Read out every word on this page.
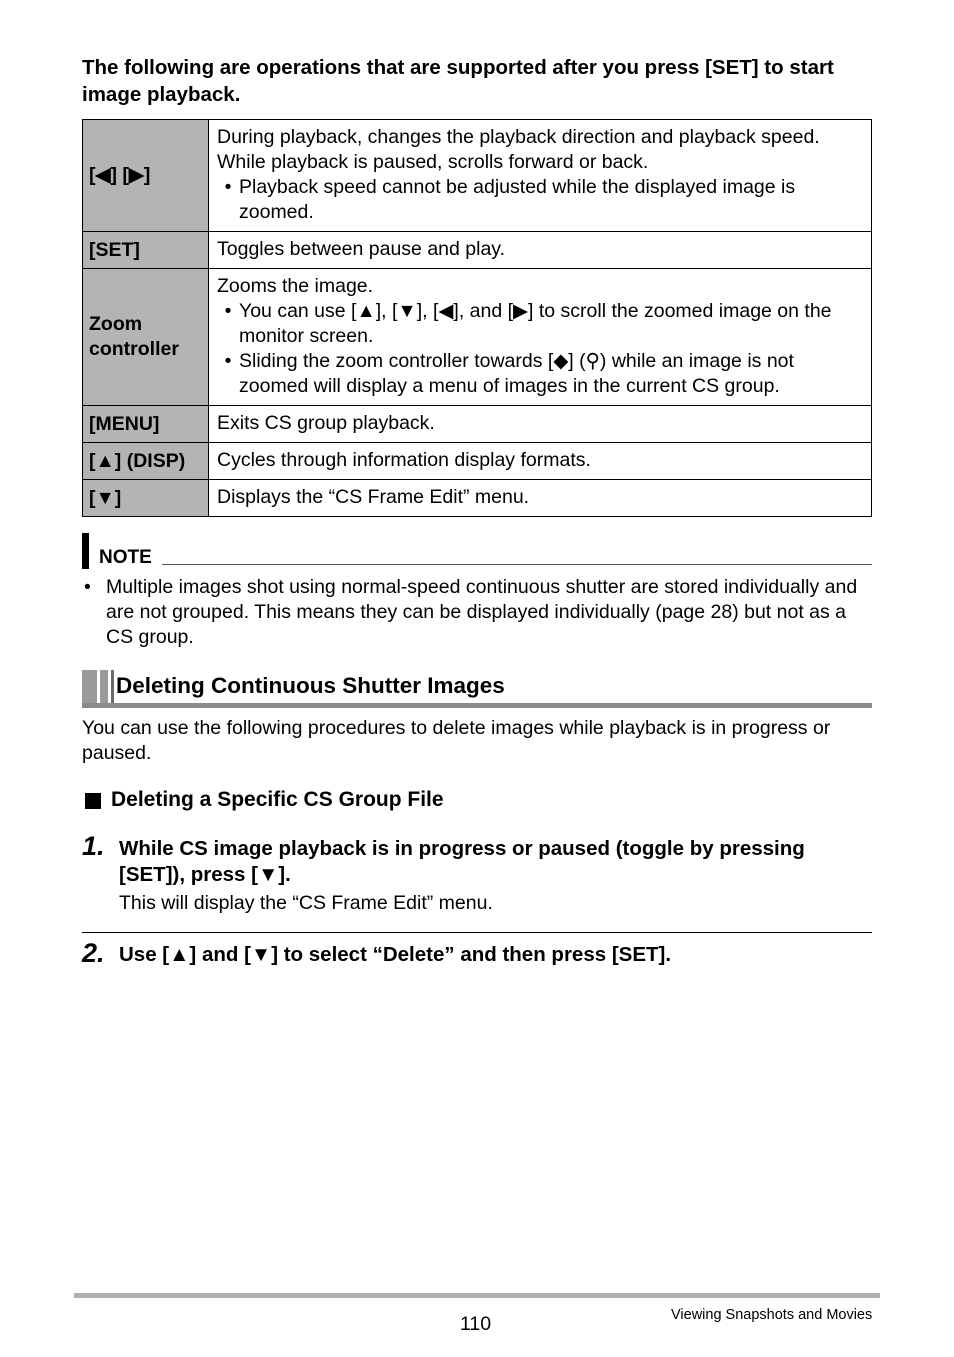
The following are operations that are supported after you press [SET] to start image playback.
[◀] [▶]	During playback, changes the playback direction and playback speed.
While playback is paused, scrolls forward or back.
• Playback speed cannot be adjusted while the displayed image is zoomed.

[SET]	Toggles between pause and play.

Zoom controller	Zooms the image.
• You can use [▲], [▼], [◀], and [▶] to scroll the zoomed image on the monitor screen.
• Sliding the zoom controller towards [◆] (⚲) while an image is not zoomed will display a menu of images in the current CS group.

[MENU]	Exits CS group playback.

[▲] (DISP)	Cycles through information display formats.

[▼]	Displays the “CS Frame Edit” menu.
NOTE
• Multiple images shot using normal-speed continuous shutter are stored individually and are not grouped. This means they can be displayed individually (page 28) but not as a CS group.
Deleting Continuous Shutter Images
You can use the following procedures to delete images while playback is in progress or paused.
Deleting a Specific CS Group File
1. While CS image playback is in progress or paused (toggle by pressing [SET]), press [▼].
This will display the “CS Frame Edit” menu.
2. Use [▲] and [▼] to select “Delete” and then press [SET].
110	Viewing Snapshots and Movies
